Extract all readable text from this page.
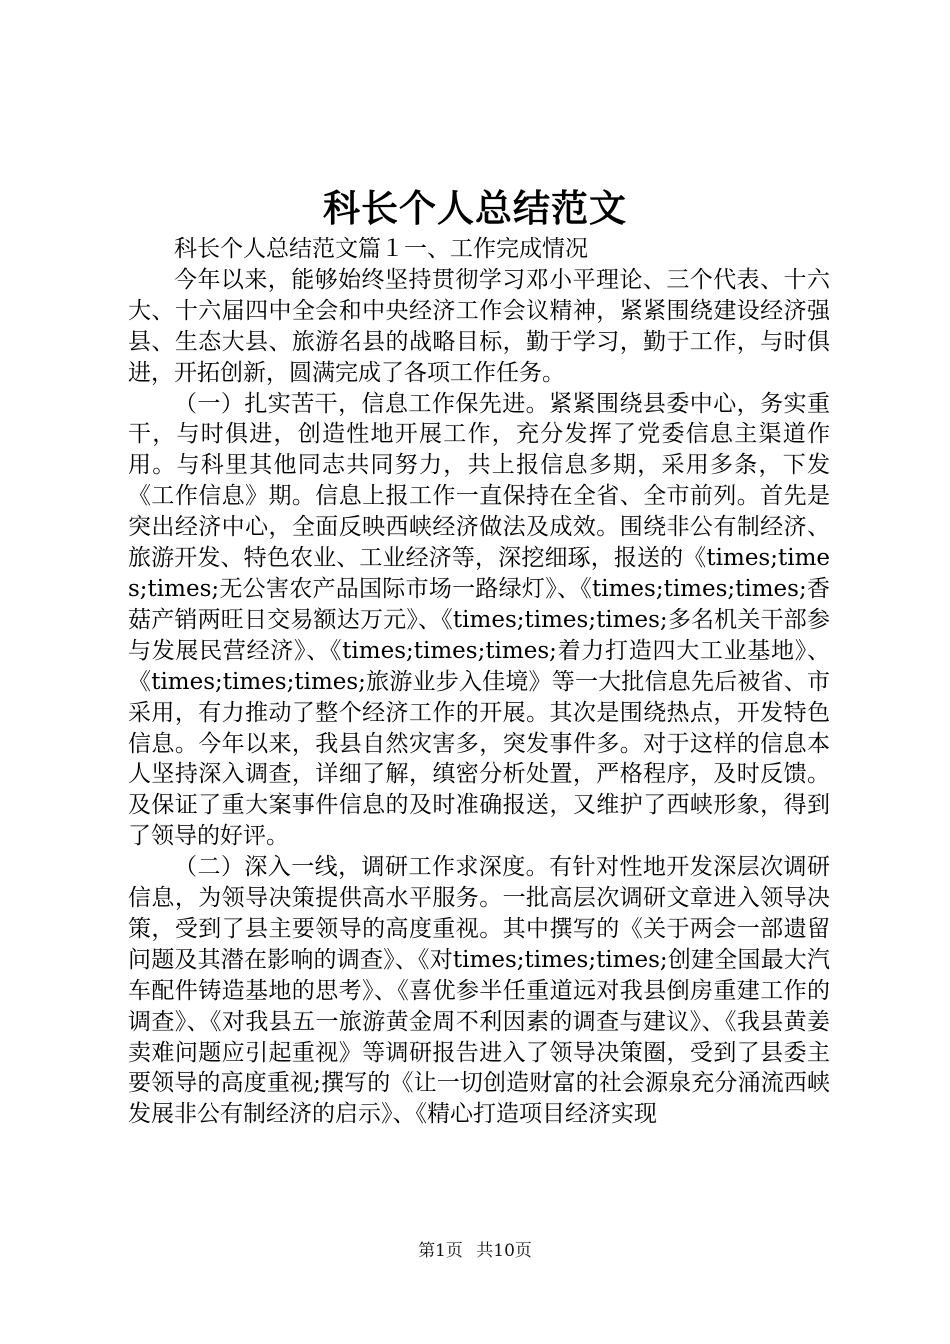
科长个人总结范文

科长个人总结范文篇１一、工作完成情况

今年以来，能够始终坚持贯彻学习邓小平理论、三个代表、十六大、十六届四中全会和中央经济工作会议精神，紧紧围绕建设经济强县、生态大县、旅游名县的战略目标，勤于学习，勤于工作，与时俱进，开拓创新，圆满完成了各项工作任务。

（一）扎实苦干，信息工作保先进。紧紧围绕县委中心，务实重干，与时俱进，创造性地开展工作，充分发挥了党委信息主渠道作用。与科里其他同志共同努力，共上报信息多期，采用多条，下发《工作信息》期。信息上报工作一直保持在全省、全市前列。首先是突出经济中心，全面反映西峡经济做法及成效。围绕非公有制经济、旅游开发、特色农业、工业经济等，深挖细琢，报送的《times;times;times;无公害农产品国际市场一路绿灯》、《times;times;times;香菇产销两旺日交易额达万元》、《times;times;times;多名机关干部参与发展民营经济》、《times;times;times;着力打造四大工业基地》、《times;times;times;旅游业步入佳境》等一大批信息先后被省、市采用，有力推动了整个经济工作的开展。其次是围绕热点，开发特色信息。今年以来，我县自然灾害多，突发事件多。对于这样的信息本人坚持深入调查，详细了解，缜密分析处置，严格程序，及时反馈。及保证了重大案事件信息的及时准确报送，又维护了西峡形象，得到了领导的好评。

（二）深入一线，调研工作求深度。有针对性地开发深层次调研信息，为领导决策提供高水平服务。一批高层次调研文章进入领导决策，受到了县主要领导的高度重视。其中撰写的《关于两会一部遗留问题及其潜在影响的调查》、《对times;times;times;创建全国最大汽车配件铸造基地的思考》、《喜优参半任重道远对我县倒房重建工作的调查》、《对我县五一旅游黄金周不利因素的调查与建议》、《我县黄姜卖难问题应引起重视》等调研报告进入了领导决策圈，受到了县委主要领导的高度重视;撰写的《让一切创造财富的社会源泉充分涌流西峡发展非公有制经济的启示》、《精心打造项目经济实现

第1页 共10页
